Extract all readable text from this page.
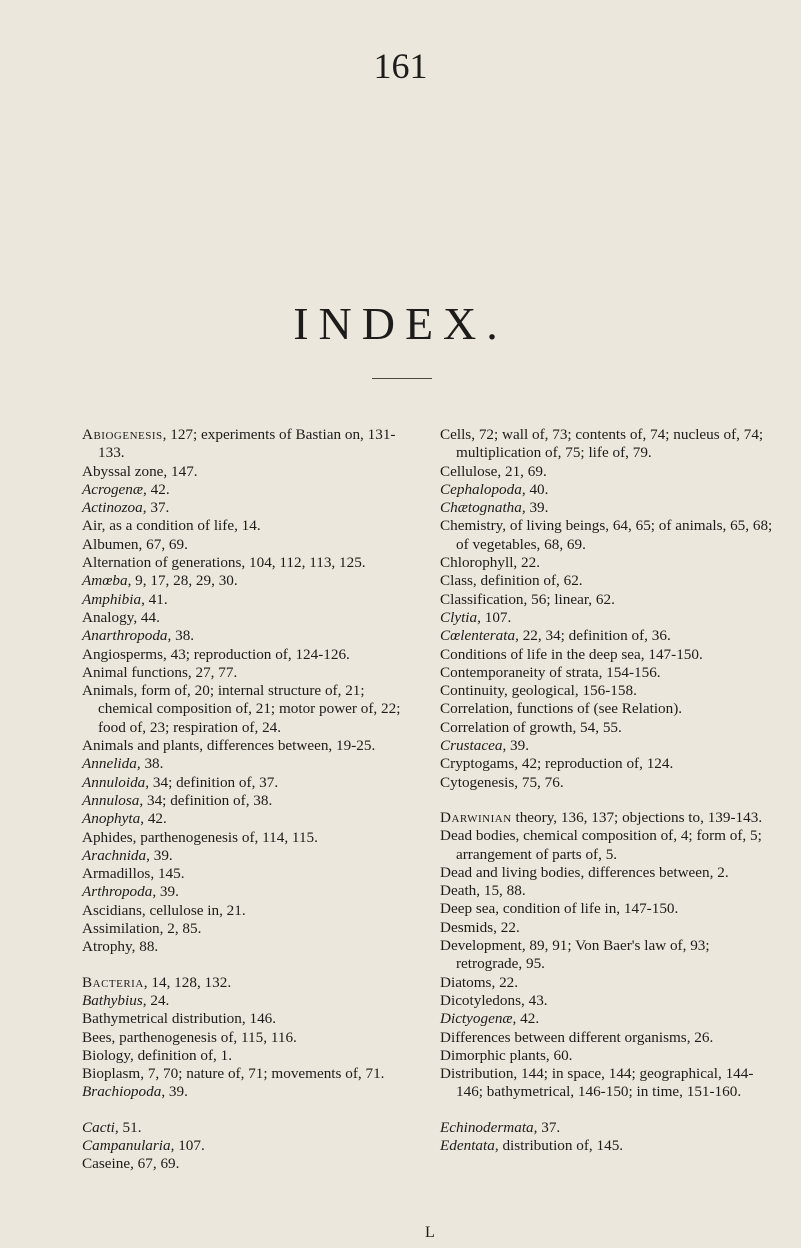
161
INDEX.
Abiogenesis, 127; experiments of Bastian on, 131-133.
Abyssal zone, 147.
Acrogenæ, 42.
Actinozoa, 37.
Air, as a condition of life, 14.
Albumen, 67, 69.
Alternation of generations, 104, 112, 113, 125.
Amœba, 9, 17, 28, 29, 30.
Amphibia, 41.
Analogy, 44.
Anarthropoda, 38.
Angiosperms, 43; reproduction of, 124-126.
Animal functions, 27, 77.
Animals, form of, 20; internal structure of, 21; chemical composition of, 21; motor power of, 22; food of, 23; respiration of, 24.
Animals and plants, differences between, 19-25.
Annelida, 38.
Annuloida, 34; definition of, 37.
Annulosa, 34; definition of, 38.
Anophyta, 42.
Aphides, parthenogenesis of, 114, 115.
Arachnida, 39.
Armadillos, 145.
Arthropoda, 39.
Ascidians, cellulose in, 21.
Assimilation, 2, 85.
Atrophy, 88.
Bacteria, 14, 128, 132.
Bathybius, 24.
Bathymetrical distribution, 146.
Bees, parthenogenesis of, 115, 116.
Biology, definition of, 1.
Bioplasm, 7, 70; nature of, 71; movements of, 71.
Brachiopoda, 39.
Cacti, 51.
Campanularia, 107.
Caseine, 67, 69.
Cells, 72; wall of, 73; contents of, 74; nucleus of, 74; multiplication of, 75; life of, 79.
Cellulose, 21, 69.
Cephalopoda, 40.
Chætognatha, 39.
Chemistry, of living beings, 64, 65; of animals, 65, 68; of vegetables, 68, 69.
Chlorophyll, 22.
Class, definition of, 62.
Classification, 56; linear, 62.
Clytia, 107.
Cœlenterata, 22, 34; definition of, 36.
Conditions of life in the deep sea, 147-150.
Contemporaneity of strata, 154-156.
Continuity, geological, 156-158.
Correlation, functions of (see Relation).
Correlation of growth, 54, 55.
Crustacea, 39.
Cryptogams, 42; reproduction of, 124.
Cytogenesis, 75, 76.
Darwinian theory, 136, 137; objections to, 139-143.
Dead bodies, chemical composition of, 4; form of, 5; arrangement of parts of, 5.
Dead and living bodies, differences between, 2.
Death, 15, 88.
Deep sea, condition of life in, 147-150.
Desmids, 22.
Development, 89, 91; Von Baer's law of, 93; retrograde, 95.
Diatoms, 22.
Dicotyledons, 43.
Dictyogenæ, 42.
Differences between different organisms, 26.
Dimorphic plants, 60.
Distribution, 144; in space, 144; geographical, 144-146; bathymetrical, 146-150; in time, 151-160.
Echinodermata, 37.
Edentata, distribution of, 145.
L
